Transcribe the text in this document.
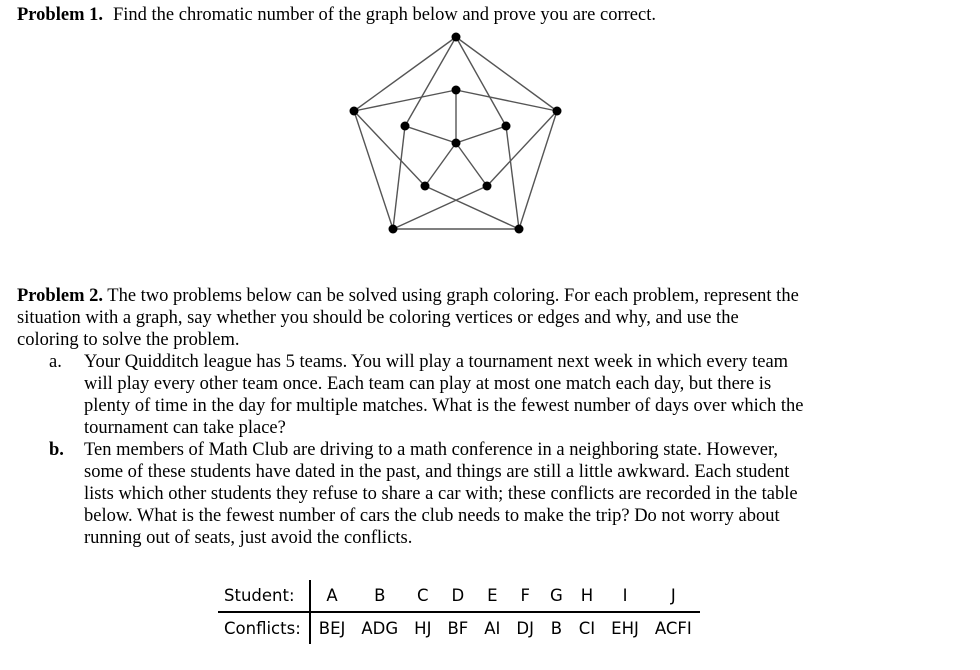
Problem 1. Find the chromatic number of the graph below and prove you are correct.
Problem 2. The two problems below can be solved using graph coloring. For each problem, represent the
situation with a graph, say whether you should be coloring vertices or edges and why, and use the
coloring to solve the problem.
a. Your Quidditch league has 5 teams. You will play a tournament next week in which every team
will play every other team once. Each team can play at most one match each day, but there is
plenty of time in the day for multiple matches. What is the fewest number of days over which the
tournament can take place?
b. Ten members of Math Club are driving to a math conference in a neighboring state. However,
some of these students have dated in the past, and things are still a little awkward. Each student
lists which other students they refuse to share a car with; these conflicts are recorded in the table
below. What is the fewest number of cars the club needs to make the trip? Do not worry about
running out of seats, just avoid the conflicts.
Student:	A	B	C	D	E	F	G	H	I	J
Conflicts:	BEJ	ADG	HJ	BF	AI	DJ	B	CI	EHJ	ACFI
